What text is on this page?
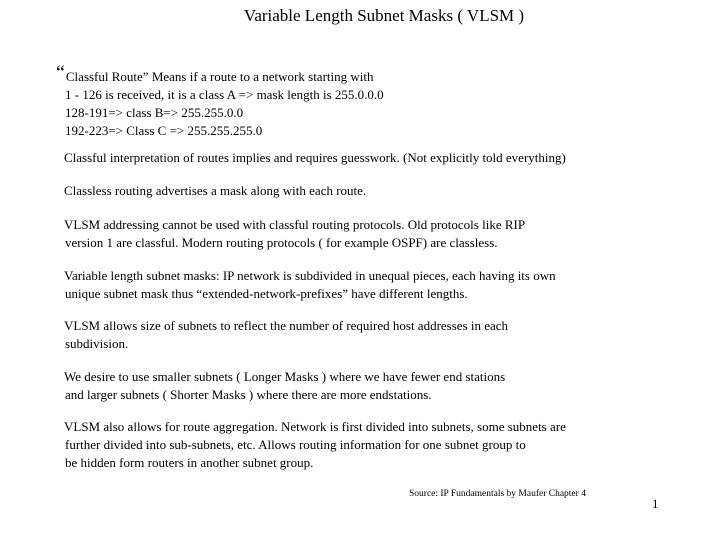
Variable Length Subnet Masks ( VLSM )
“Classful Route” Means if a route to a network starting with
1 - 126 is received, it is a class A => mask length is 255.0.0.0
128-191=> class B=> 255.255.0.0
192-223=> Class C => 255.255.255.0
Classful interpretation of routes implies and requires guesswork. (Not explicitly told everything)
Classless routing advertises a mask along with each route.
VLSM addressing cannot be used with classful routing protocols. Old protocols like RIP
version 1 are classful. Modern routing protocols ( for example OSPF) are classless.
Variable length subnet masks: IP network is subdivided in unequal pieces, each having its own
unique subnet mask thus “extended-network-prefixes” have different lengths.
VLSM allows size of subnets to reflect the number of required host addresses in each
subdivision.
We desire to use smaller subnets ( Longer Masks ) where we have fewer end stations
and larger subnets ( Shorter Masks ) where there are more endstations.
VLSM also allows for route aggregation. Network is first divided into subnets, some subnets are
further divided into sub-subnets, etc. Allows routing information for one subnet group to
be hidden form routers in another subnet group.
Source: IP Fundamentals by Maufer Chapter 4
1
